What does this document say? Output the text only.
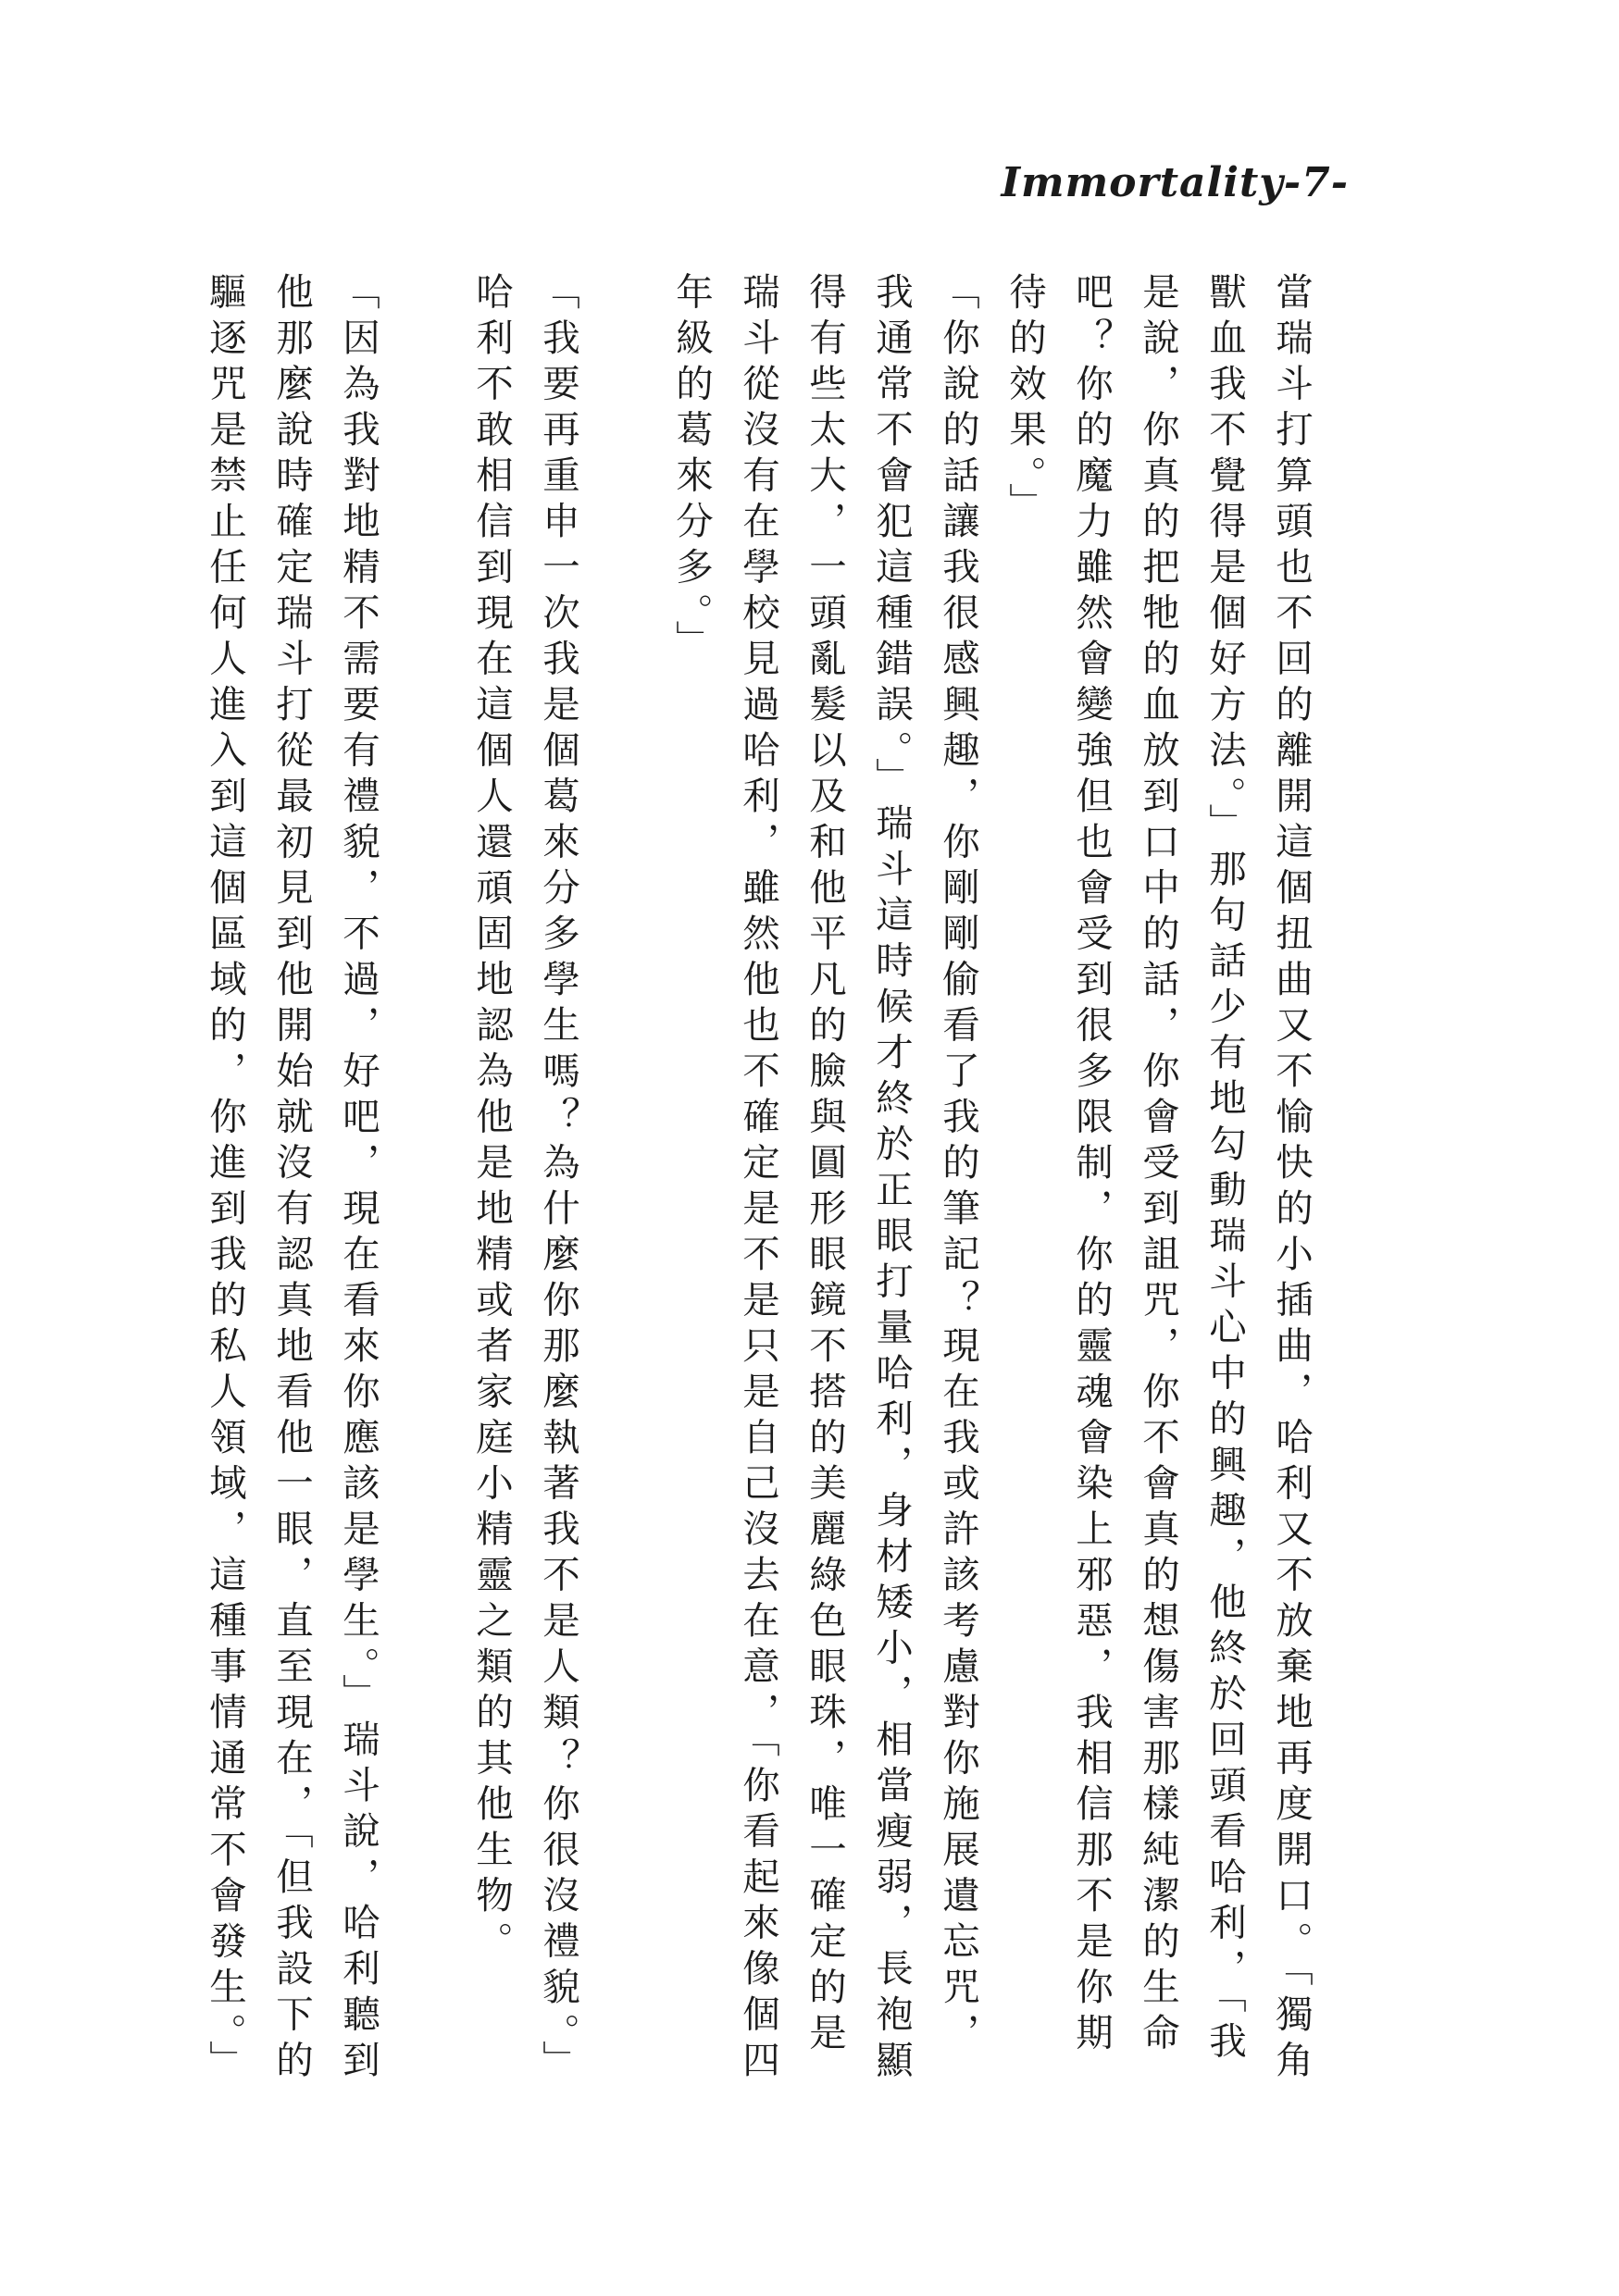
Immortality-7-

當瑞斗打算頭也不回的離開這個扭曲又不愉快的小插曲，哈利又不放棄地再度開口。「獨角獸血我不覺得是個好方法。」那句話少有地勾動瑞斗心中的興趣，他終於回頭看哈利，「我是說，你真的把牠的血放到口中的話，你會受到詛咒，你不會真的想傷害那樣純潔的生命吧？你的魔力雖然會變強但也會受到很多限制，你的靈魂會染上邪惡，我相信那不是你期待的效果。」

「你說的話讓我很感興趣，你剛剛偷看了我的筆記？現在我或許該考慮對你施展遺忘咒，我通常不會犯這種錯誤。」瑞斗這時候才終於正眼打量哈利，身材矮小，相當瘦弱，長袍顯得有些太大，一頭亂髮以及和他平凡的臉與圓形眼鏡不搭的美麗綠色眼珠，唯一確定的是瑞斗從沒有在學校見過哈利，雖然他也不確定是不是只是自己沒去在意，「你看起來像個四年級的葛來分多。」

「我要再重申一次我是個葛來分多學生嗎？為什麼你那麼執著我不是人類？你很沒禮貌。」哈利不敢相信到現在這個人還頑固地認為他是地精或者家庭小精靈之類的其他生物。

「因為我對地精不需要有禮貌，不過，好吧，現在看來你應該是學生。」瑞斗說，哈利聽到他那麼說時確定瑞斗打從最初見到他開始就沒有認真地看他一眼，直至現在，「但我設下的驅逐咒是禁止任何人進入到這個區域的，你進到我的私人領域，這種事情通常不會發生。」
